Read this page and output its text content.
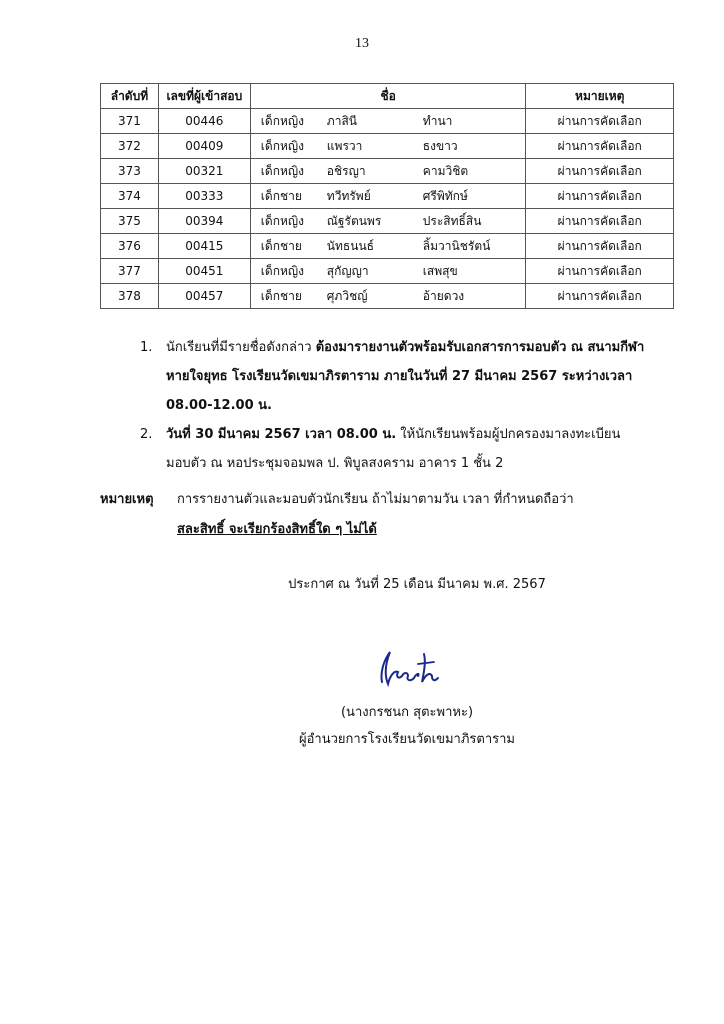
13
ลำดับที่	เลขที่ผู้เข้าสอบ	ชื่อ	หมายเหตุ
371	00446	เด็กหญิง ภาสินี ทำนา	ผ่านการคัดเลือก
372	00409	เด็กหญิง แพรวา ธงขาว	ผ่านการคัดเลือก
373	00321	เด็กหญิง อชิรญา คามวิชิต	ผ่านการคัดเลือก
374	00333	เด็กชาย ทวีทรัพย์ ศรีพิทักษ์	ผ่านการคัดเลือก
375	00394	เด็กหญิง ณัฐรัตนพร ประสิทธิ์สิน	ผ่านการคัดเลือก
376	00415	เด็กชาย นัทธนนธ์ ลิ้มวานิชรัตน์	ผ่านการคัดเลือก
377	00451	เด็กหญิง สุกัญญา เสพสุข	ผ่านการคัดเลือก
378	00457	เด็กชาย ศุภวิชญ์ อ้ายดวง	ผ่านการคัดเลือก
1.	นักเรียนที่มีรายชื่อดังกล่าว ต้องมารายงานตัวพร้อมรับเอกสารการมอบตัว ณ สนามกีฬาหายใจยุทธ โรงเรียนวัดเขมาภิรตาราม ภายในวันที่ 27 มีนาคม 2567 ระหว่างเวลา 08.00-12.00 น.
2.	วันที่ 30 มีนาคม 2567 เวลา 08.00 น. ให้นักเรียนพร้อมผู้ปกครองมาลงทะเบียน มอบตัว ณ หอประชุมจอมพล ป. พิบูลสงคราม อาคาร 1 ชั้น 2
หมายเหตุ	การรายงานตัวและมอบตัวนักเรียน ถ้าไม่มาตามวัน เวลา ที่กำหนดถือว่า
สละสิทธิ์ จะเรียกร้องสิทธิ์ใด ๆ ไม่ได้
ประกาศ ณ วันที่ 25 เดือน มีนาคม พ.ศ. 2567
(นางกรชนก สุตะพาหะ)
ผู้อำนวยการโรงเรียนวัดเขมาภิรตาราม
